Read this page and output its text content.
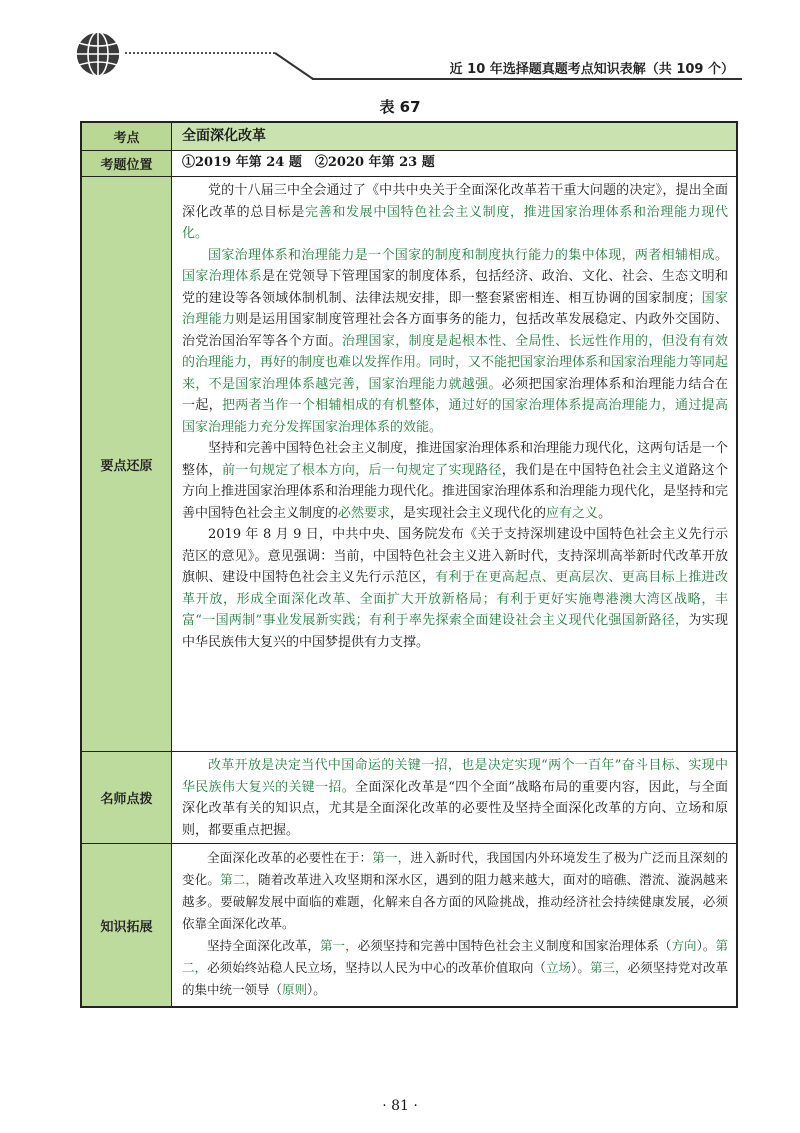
近 10 年选择题真题考点知识表解（共 109 个）
表 67
考点	全面深化改革
考题位置	①2019 年第 24 题　②2020 年第 23 题
要点还原

党的十八届三中全会通过了《中共中央关于全面深化改革若干重大问题的决定》，提出全面深化改革的总目标是完善和发展中国特色社会主义制度，推进国家治理体系和治理能力现代化。

国家治理体系和治理能力是一个国家的制度和制度执行能力的集中体现，两者相辅相成。国家治理体系是在党领导下管理国家的制度体系，包括经济、政治、文化、社会、生态文明和党的建设等各领域体制机制、法律法规安排，即一整套紧密相连、相互协调的国家制度；国家治理能力则是运用国家制度管理社会各方面事务的能力，包括改革发展稳定、内政外交国防、治党治国治军等各个方面。治理国家，制度是起根本性、全局性、长远性作用的，但没有有效的治理能力，再好的制度也难以发挥作用。同时，又不能把国家治理体系和国家治理能力等同起来，不是国家治理体系越完善，国家治理能力就越强。必须把国家治理体系和治理能力结合在一起，把两者当作一个相辅相成的有机整体，通过好的国家治理体系提高治理能力，通过提高国家治理能力充分发挥国家治理体系的效能。

坚持和完善中国特色社会主义制度，推进国家治理体系和治理能力现代化，这两句话是一个整体，前一句规定了根本方向，后一句规定了实现路径，我们是在中国特色社会主义道路这个方向上推进国家治理体系和治理能力现代化。推进国家治理体系和治理能力现代化，是坚持和完善中国特色社会主义制度的必然要求，是实现社会主义现代化的应有之义。

2019 年 8 月 9 日，中共中央、国务院发布《关于支持深圳建设中国特色社会主义先行示范区的意见》。意见强调：当前，中国特色社会主义进入新时代，支持深圳高举新时代改革开放旗帜、建设中国特色社会主义先行示范区，有利于在更高起点、更高层次、更高目标上推进改革开放，形成全面深化改革、全面扩大开放新格局；有利于更好实施粤港澳大湾区战略，丰富“一国两制”事业发展新实践；有利于率先探索全面建设社会主义现代化强国新路径，为实现中华民族伟大复兴的中国梦提供有力支撑。

名师点拨

改革开放是决定当代中国命运的关键一招，也是决定实现“两个一百年”奋斗目标、实现中华民族伟大复兴的关键一招。全面深化改革是“四个全面”战略布局的重要内容，因此，与全面深化改革有关的知识点，尤其是全面深化改革的必要性及坚持全面深化改革的方向、立场和原则，都要重点把握。

知识拓展

全面深化改革的必要性在于：第一，进入新时代，我国国内外环境发生了极为广泛而且深刻的变化。第二，随着改革进入攻坚期和深水区，遇到的阻力越来越大，面对的暗礁、潜流、漩涡越来越多。要破解发展中面临的难题，化解来自各方面的风险挑战，推动经济社会持续健康发展，必须依靠全面深化改革。

坚持全面深化改革，第一，必须坚持和完善中国特色社会主义制度和国家治理体系（方向）。第二，必须始终站稳人民立场，坚持以人民为中心的改革价值取向（立场）。第三，必须坚持党对改革的集中统一领导（原则）。

· 81 ·
